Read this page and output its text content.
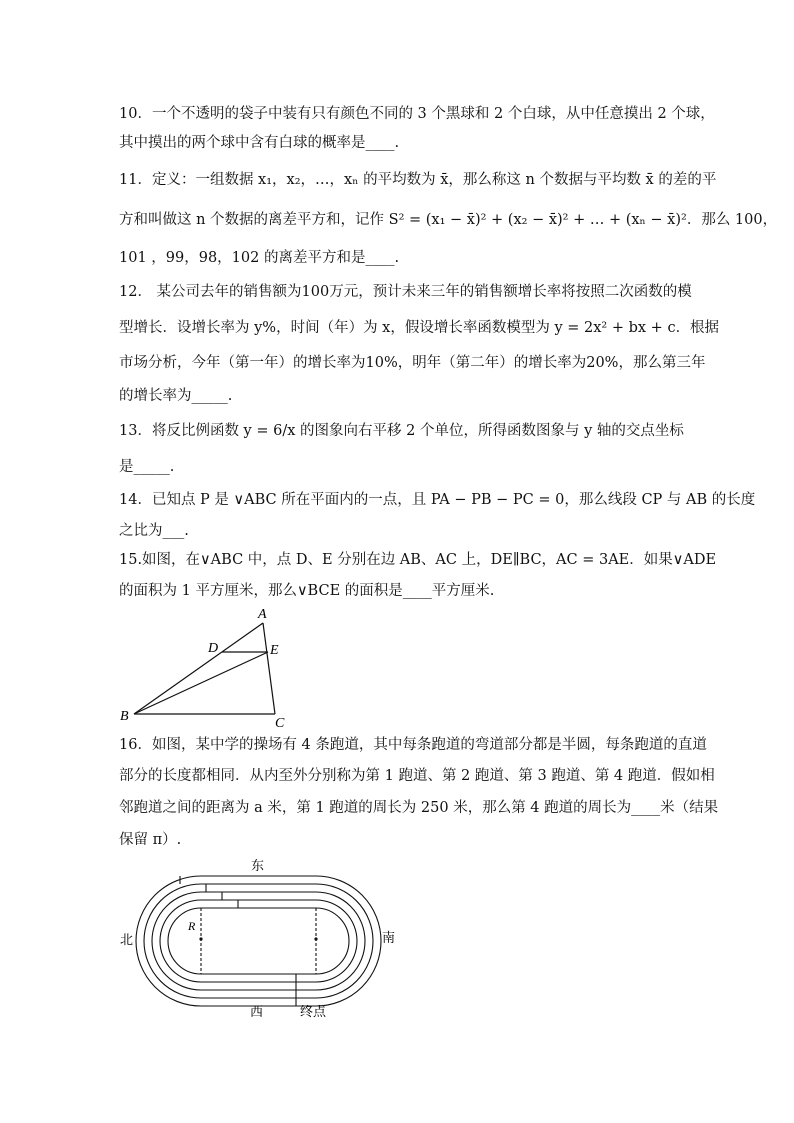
10．一个不透明的袋子中装有只有颜色不同的 3 个黑球和 2 个白球，从中任意摸出 2 个球，
其中摸出的两个球中含有白球的概率是____.
11．定义：一组数据 x₁，x₂，…，xₙ 的平均数为 x̄，那么称这 n 个数据与平均数 x̄ 的差的平
方和叫做这 n 个数据的离差平方和，记作 S² = (x₁ − x̄)² + (x₂ − x̄)² + … + (xₙ − x̄)²．那么 100，
101 ，99，98，102 的离差平方和是____.
12． 某公司去年的销售额为100万元，预计未来三年的销售额增长率将按照二次函数的模
型增长．设增长率为 y%，时间（年）为 x，假设增长率函数模型为 y = 2x² + bx + c．根据
市场分析，今年（第一年）的增长率为10%，明年（第二年）的增长率为20%，那么第三年
的增长率为_____.
13．将反比例函数 y = 6/x 的图象向右平移 2 个单位，所得函数图象与 y 轴的交点坐标
是_____.
14．已知点 P 是 ∨ABC 所在平面内的一点，且 PA − PB − PC = 0，那么线段 CP 与 AB 的长度
之比为___.
15.如图，在∨ABC 中，点 D、E 分别在边 AB、AC 上，DE∥BC，AC = 3AE．如果∨ADE
的面积为 1 平方厘米，那么∨BCE 的面积是____平方厘米.
A
D	E
B	C
16．如图，某中学的操场有 4 条跑道，其中每条跑道的弯道部分都是半圆，每条跑道的直道
部分的长度都相同．从内至外分别称为第 1 跑道、第 2 跑道、第 3 跑道、第 4 跑道．假如相
邻跑道之间的距离为 a 米，第 1 跑道的周长为 250 米，那么第 4 跑道的周长为____米（结果
保留 π）.
R
东
北	南
西	终点
